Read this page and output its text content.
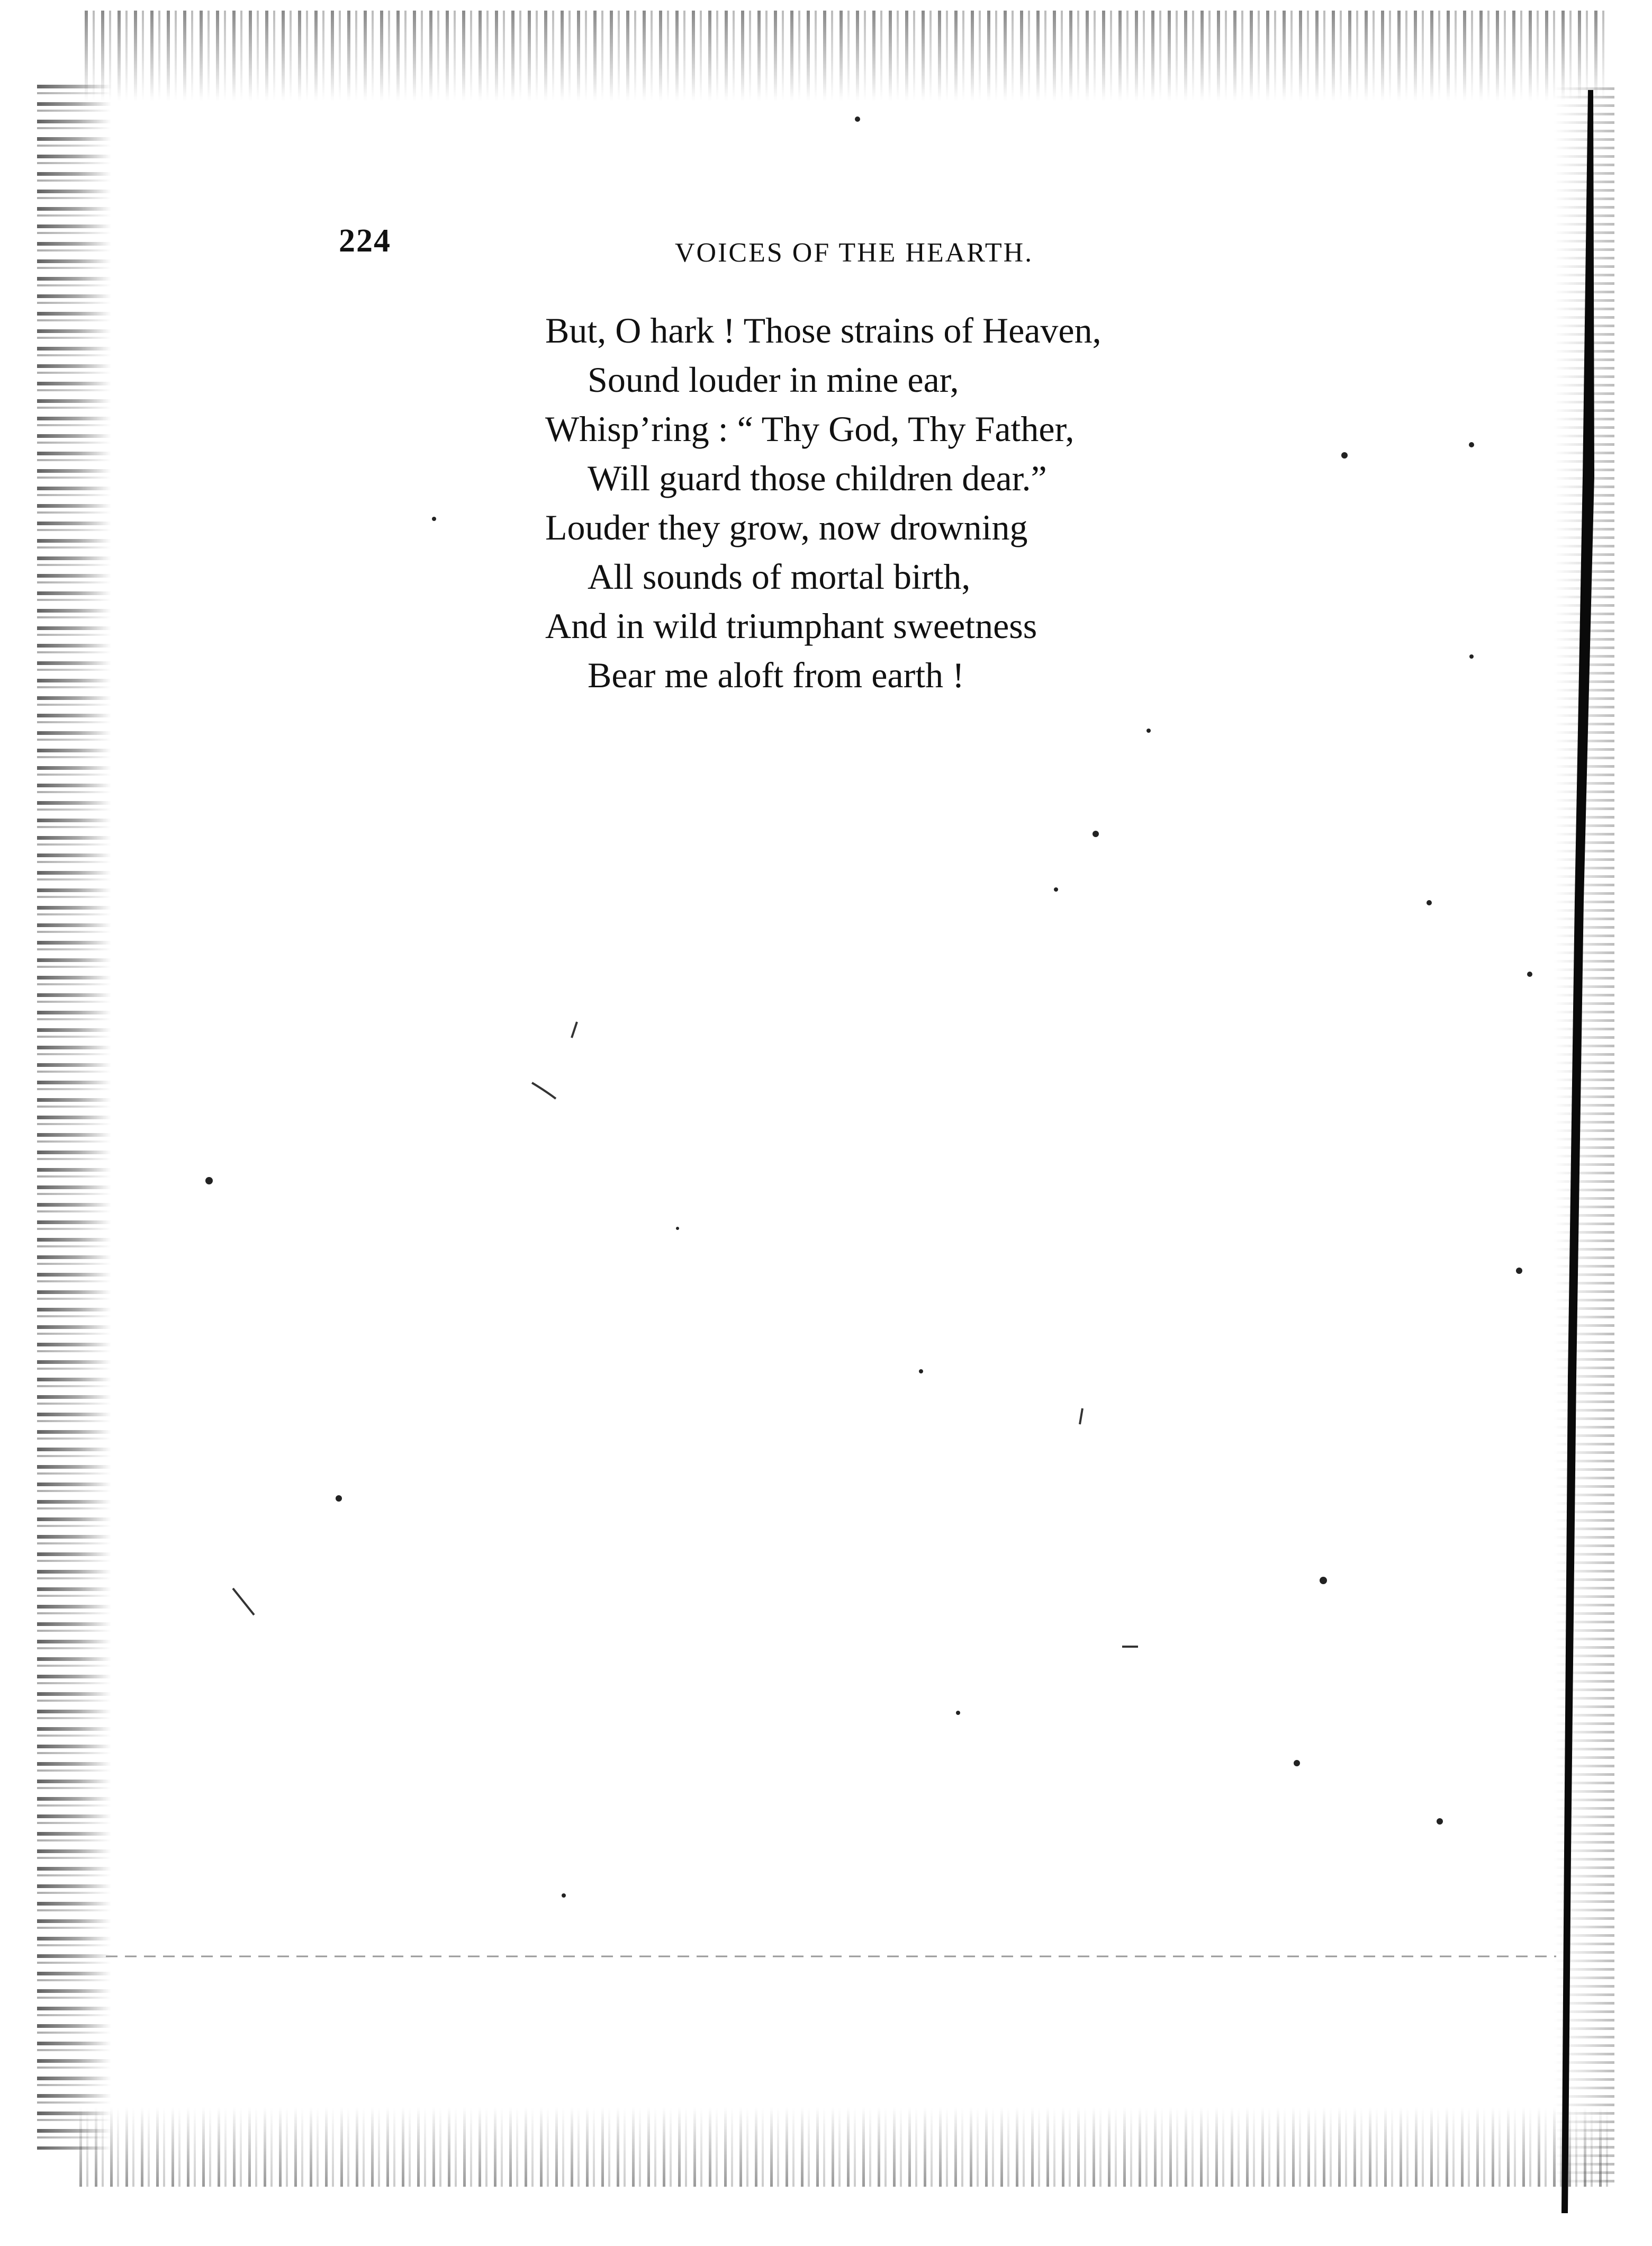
224	VOICES OF THE HEARTH.
But, O hark ! Those strains of Heaven,
Sound louder in mine ear,
Whisp’ring : “ Thy God, Thy Father,
Will guard those children dear.”
Louder they grow, now drowning
All sounds of mortal birth,
And in wild triumphant sweetness
Bear me aloft from earth !
